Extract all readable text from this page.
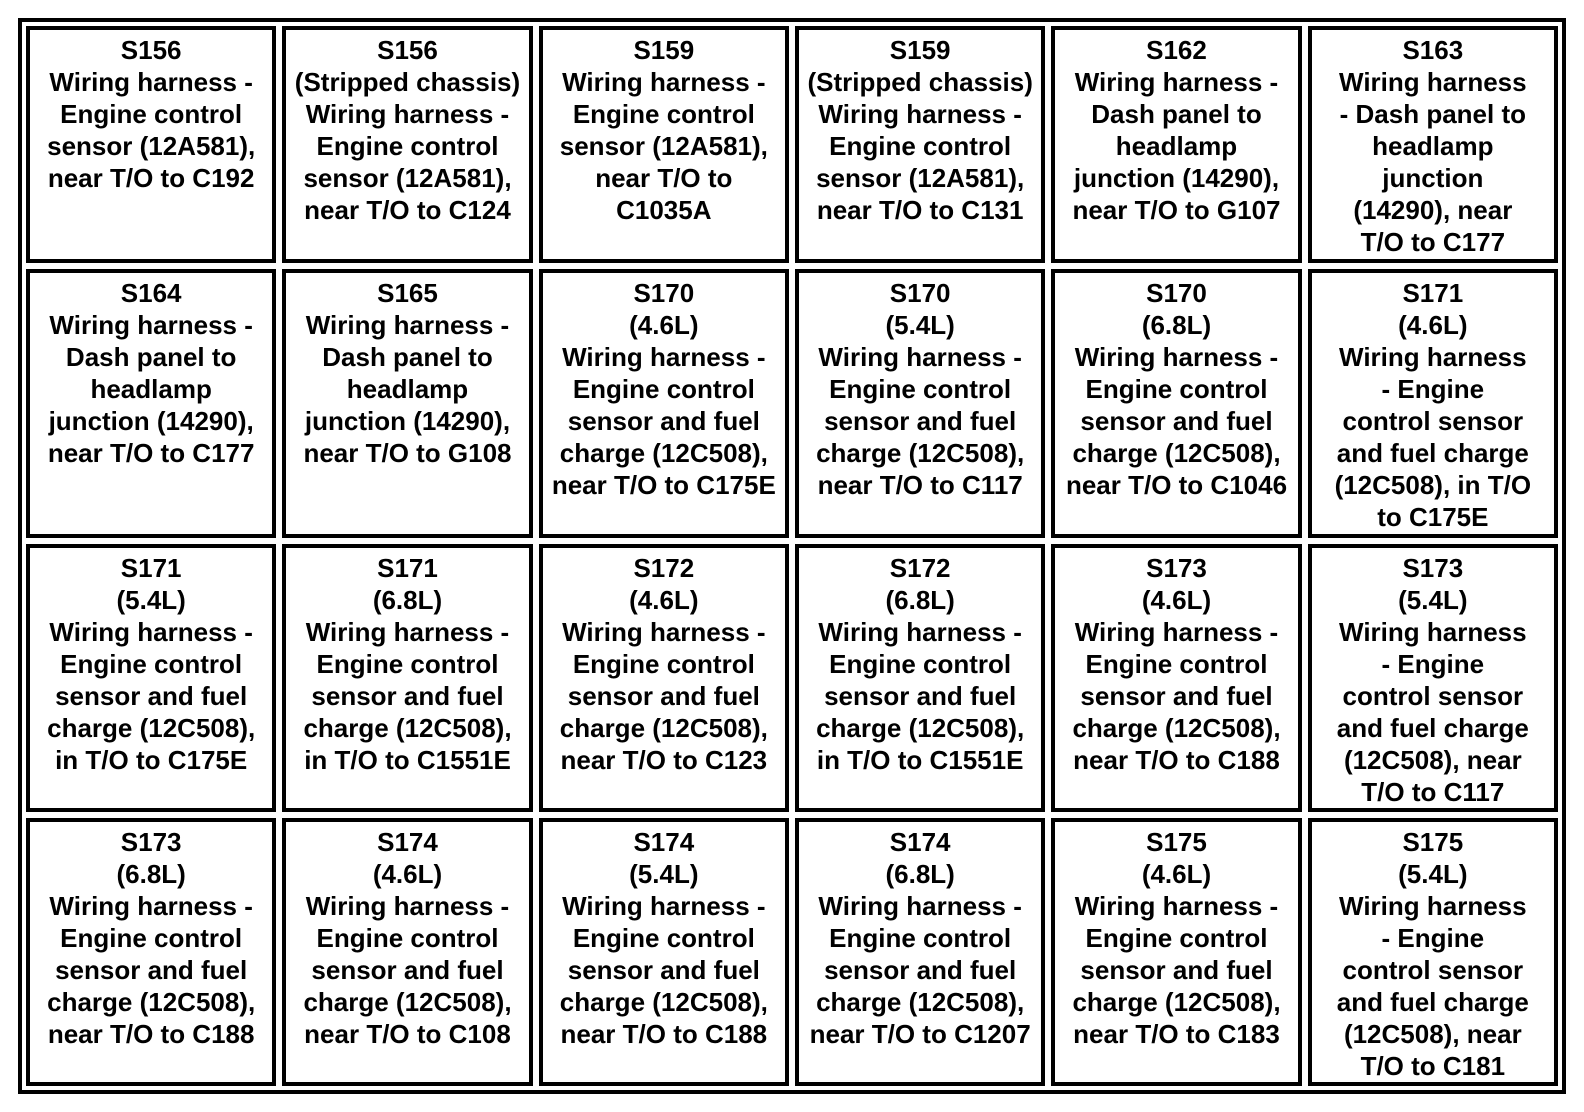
S156
Wiring harness -
Engine control
sensor (12A581),
near T/O to C192
S156
(Stripped chassis)
Wiring harness -
Engine control
sensor (12A581),
near T/O to C124
S159
Wiring harness -
Engine control
sensor (12A581),
near T/O to
C1035A
S159
(Stripped chassis)
Wiring harness -
Engine control
sensor (12A581),
near T/O to C131
S162
Wiring harness -
Dash panel to
headlamp
junction (14290),
near T/O to G107
S163
Wiring harness
- Dash panel to
headlamp
junction
(14290), near
T/O to C177
S164
Wiring harness -
Dash panel to
headlamp
junction (14290),
near T/O to C177
S165
Wiring harness -
Dash panel to
headlamp
junction (14290),
near T/O to G108
S170
(4.6L)
Wiring harness -
Engine control
sensor and fuel
charge (12C508),
near T/O to C175E
S170
(5.4L)
Wiring harness -
Engine control
sensor and fuel
charge (12C508),
near T/O to C117
S170
(6.8L)
Wiring harness -
Engine control
sensor and fuel
charge (12C508),
near T/O to C1046
S171
(4.6L)
Wiring harness
- Engine
control sensor
and fuel charge
(12C508), in T/O
to C175E
S171
(5.4L)
Wiring harness -
Engine control
sensor and fuel
charge (12C508),
in T/O to C175E
S171
(6.8L)
Wiring harness -
Engine control
sensor and fuel
charge (12C508),
in T/O to C1551E
S172
(4.6L)
Wiring harness -
Engine control
sensor and fuel
charge (12C508),
near T/O to C123
S172
(6.8L)
Wiring harness -
Engine control
sensor and fuel
charge (12C508),
in T/O to C1551E
S173
(4.6L)
Wiring harness -
Engine control
sensor and fuel
charge (12C508),
near T/O to C188
S173
(5.4L)
Wiring harness
- Engine
control sensor
and fuel charge
(12C508), near
T/O to C117
S173
(6.8L)
Wiring harness -
Engine control
sensor and fuel
charge (12C508),
near T/O to C188
S174
(4.6L)
Wiring harness -
Engine control
sensor and fuel
charge (12C508),
near T/O to C108
S174
(5.4L)
Wiring harness -
Engine control
sensor and fuel
charge (12C508),
near T/O to C188
S174
(6.8L)
Wiring harness -
Engine control
sensor and fuel
charge (12C508),
near T/O to C1207
S175
(4.6L)
Wiring harness -
Engine control
sensor and fuel
charge (12C508),
near T/O to C183
S175
(5.4L)
Wiring harness
- Engine
control sensor
and fuel charge
(12C508), near
T/O to C181
